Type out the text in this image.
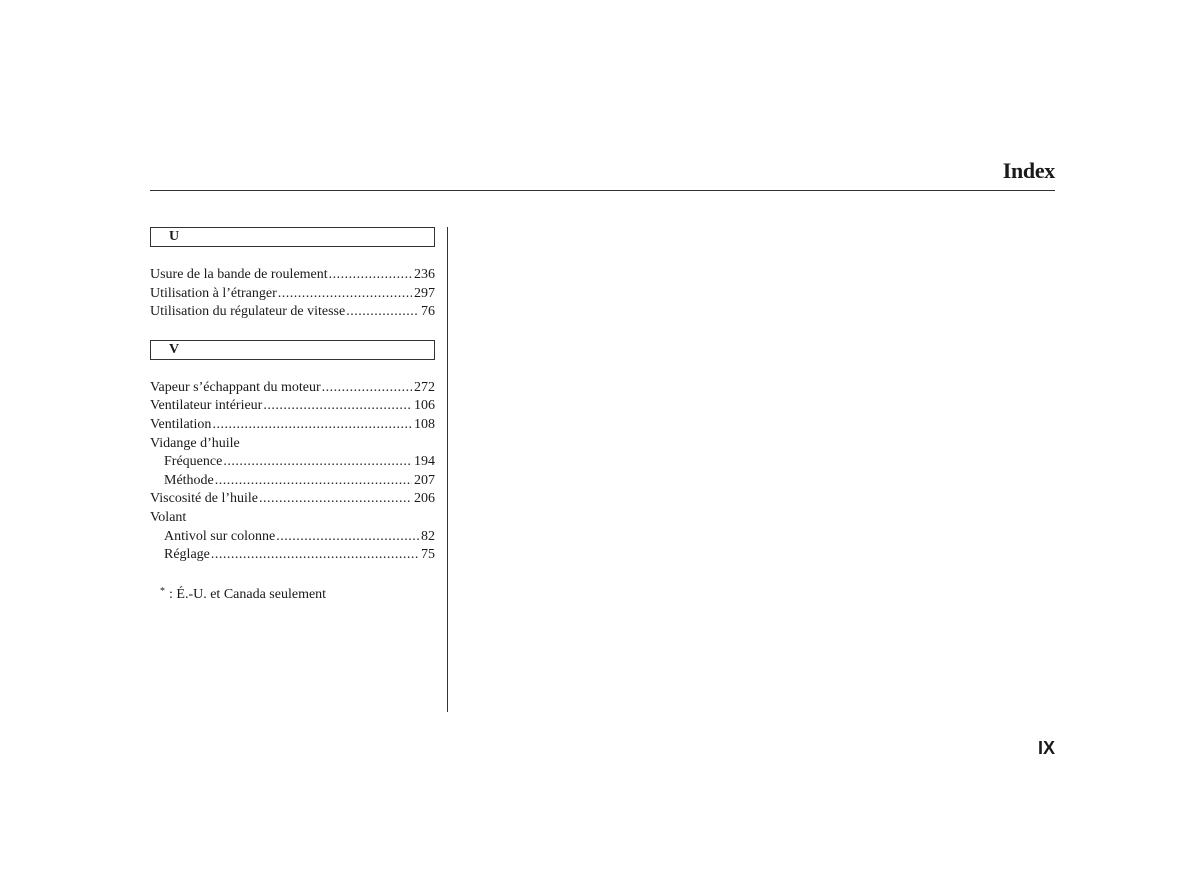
Index
U
Usure de la bande de roulement .....	236
Utilisation à l’étranger .....	297
Utilisation du régulateur de vitesse .....	76
V
Vapeur s’échappant du moteur .....	272
Ventilateur intérieur .....	106
Ventilation .....	108
Vidange d’huile
Fréquence .....	194
Méthode .....	207
Viscosité de l’huile .....	206
Volant
Antivol sur colonne .....	82
Réglage .....	75
* : É.-U. et Canada seulement
IX
